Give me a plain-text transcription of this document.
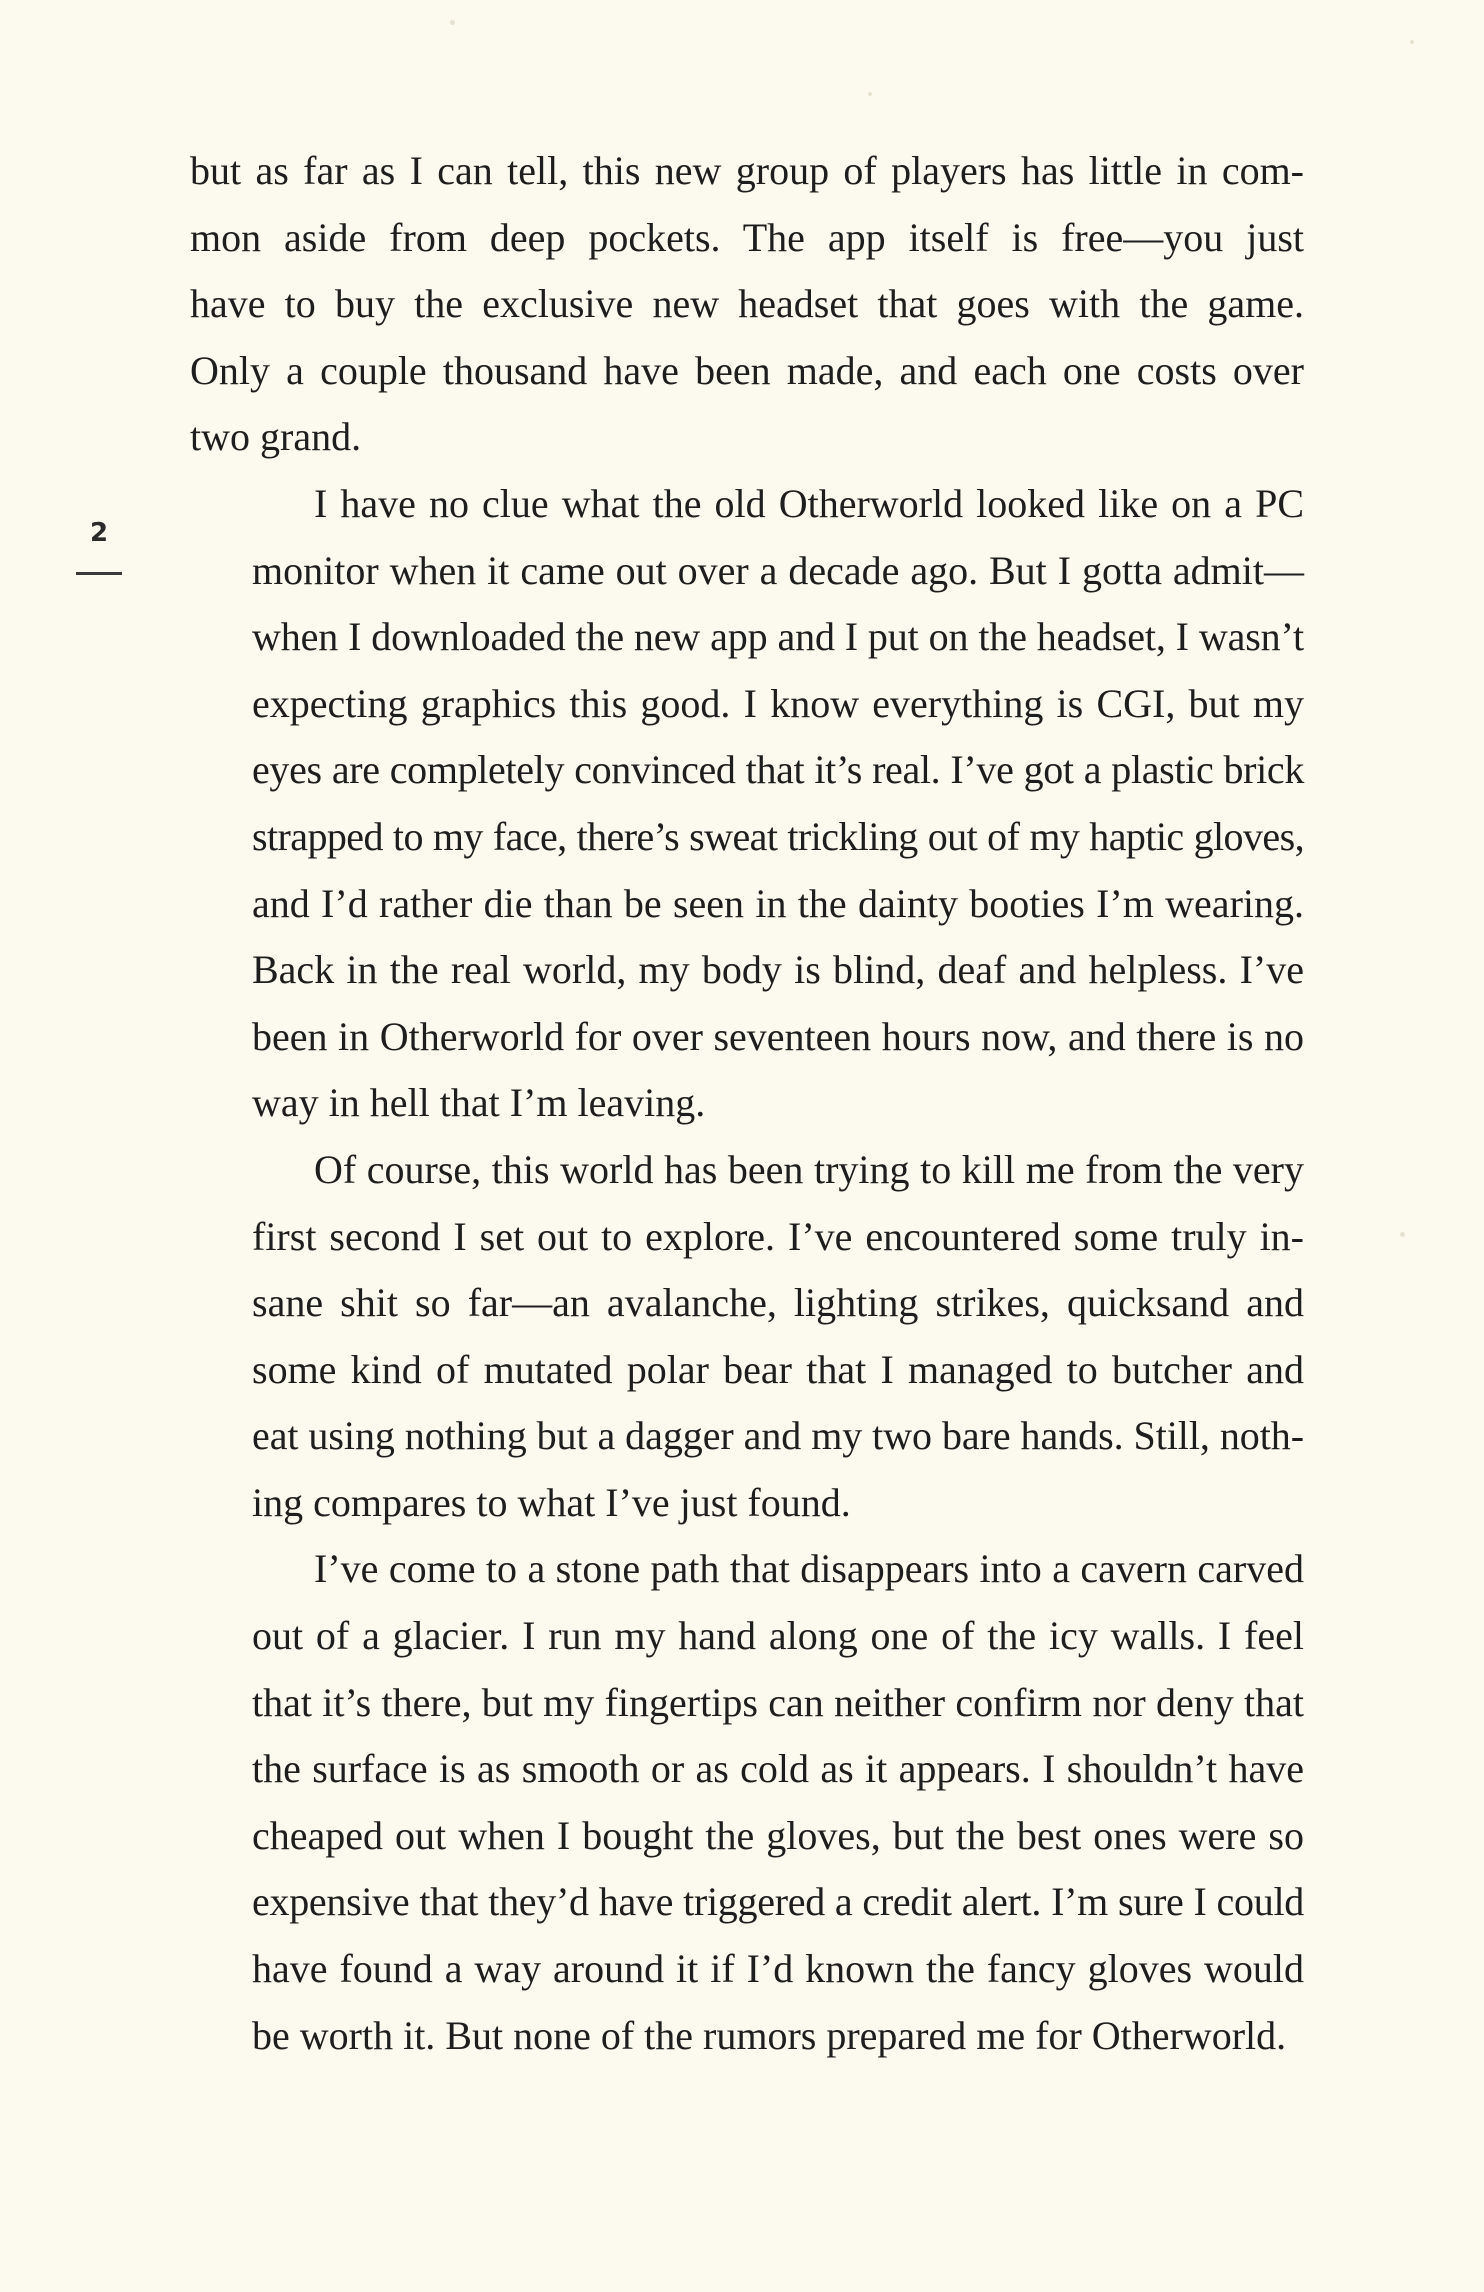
2
but as far as I can tell, this new group of players has little in com-
mon aside from deep pockets. The app itself is free—you just
have to buy the exclusive new headset that goes with the game.
Only a couple thousand have been made, and each one costs over
two grand.
I have no clue what the old Otherworld looked like on a PC
monitor when it came out over a decade ago. But I gotta admit—
when I downloaded the new app and I put on the headset, I wasn’t
expecting graphics this good. I know everything is CGI, but my
eyes are completely convinced that it’s real. I’ve got a plastic brick
strapped to my face, there’s sweat trickling out of my haptic gloves,
and I’d rather die than be seen in the dainty booties I’m wearing.
Back in the real world, my body is blind, deaf and helpless. I’ve
been in Otherworld for over seventeen hours now, and there is no
way in hell that I’m leaving.
Of course, this world has been trying to kill me from the very
first second I set out to explore. I’ve encountered some truly in-
sane shit so far—an avalanche, lighting strikes, quicksand and
some kind of mutated polar bear that I managed to butcher and
eat using nothing but a dagger and my two bare hands. Still, noth-
ing compares to what I’ve just found.
I’ve come to a stone path that disappears into a cavern carved
out of a glacier. I run my hand along one of the icy walls. I feel
that it’s there, but my fingertips can neither confirm nor deny that
the surface is as smooth or as cold as it appears. I shouldn’t have
cheaped out when I bought the gloves, but the best ones were so
expensive that they’d have triggered a credit alert. I’m sure I could
have found a way around it if I’d known the fancy gloves would
be worth it. But none of the rumors prepared me for Otherworld.
